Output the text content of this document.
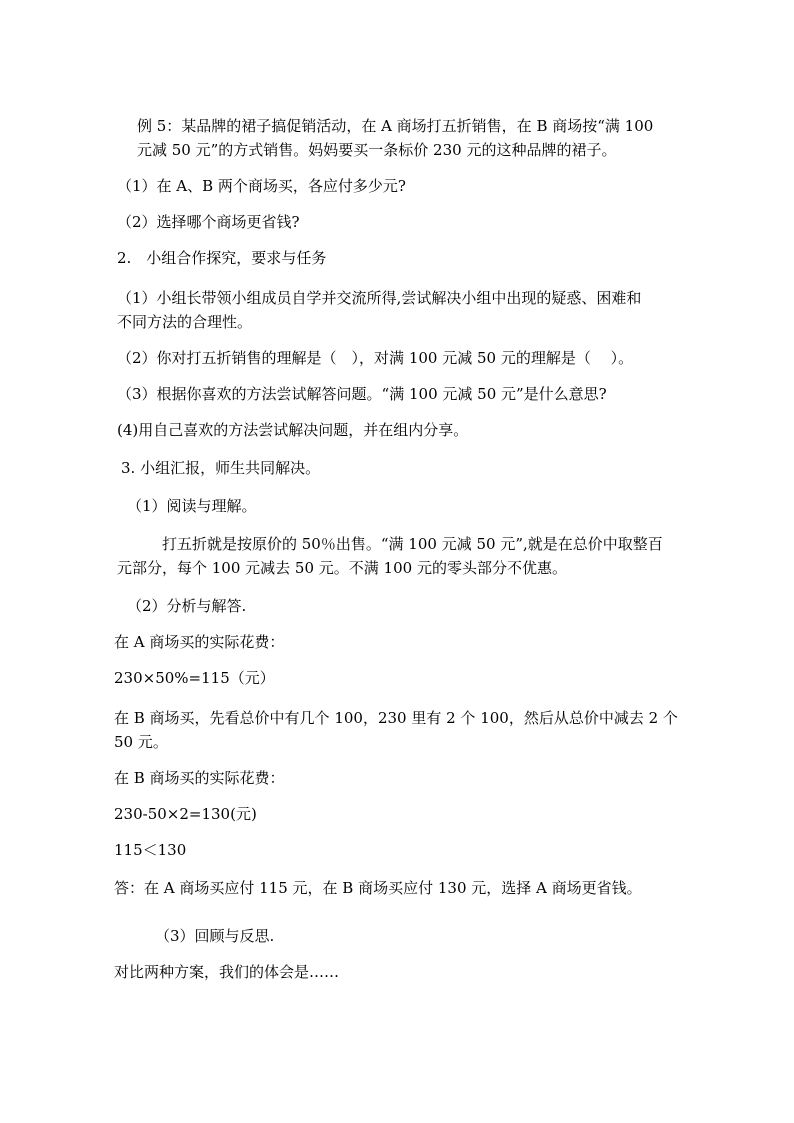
例 5：某品牌的裙子搞促销活动，在 A 商场打五折销售，在 B 商场按“满 100

元减 50 元”的方式销售。妈妈要买一条标价 230 元的这种品牌的裙子。

（1）在 A、B 两个商场买，各应付多少元?

（2）选择哪个商场更省钱?

2.　小组合作探究，要求与任务

（1）小组长带领小组成员自学并交流所得,尝试解决小组中出现的疑惑、困难和

不同方法的合理性。

（2）你对打五折销售的理解是（　），对满 100 元减 50 元的理解是（　 ）。

（3）根据你喜欢的方法尝试解答问题。“满 100 元减 50 元”是什么意思?

(4)用自己喜欢的方法尝试解决问题，并在组内分享。

3. 小组汇报，师生共同解决。

（1）阅读与理解。

打五折就是按原价的 50％出售。“满 100 元减 50 元”,就是在总价中取整百

元部分，每个 100 元减去 50 元。不满 100 元的零头部分不优惠。

（2）分析与解答.

在 A 商场买的实际花费：

230×50%=115（元）

在 B 商场买，先看总价中有几个 100，230 里有 2 个 100，然后从总价中减去 2 个

50 元。

在 B 商场买的实际花费：

230-50×2=130(元)

115＜130

答：在 A 商场买应付 115 元，在 B 商场买应付 130 元，选择 A 商场更省钱。

（3）回顾与反思.

对比两种方案，我们的体会是……
